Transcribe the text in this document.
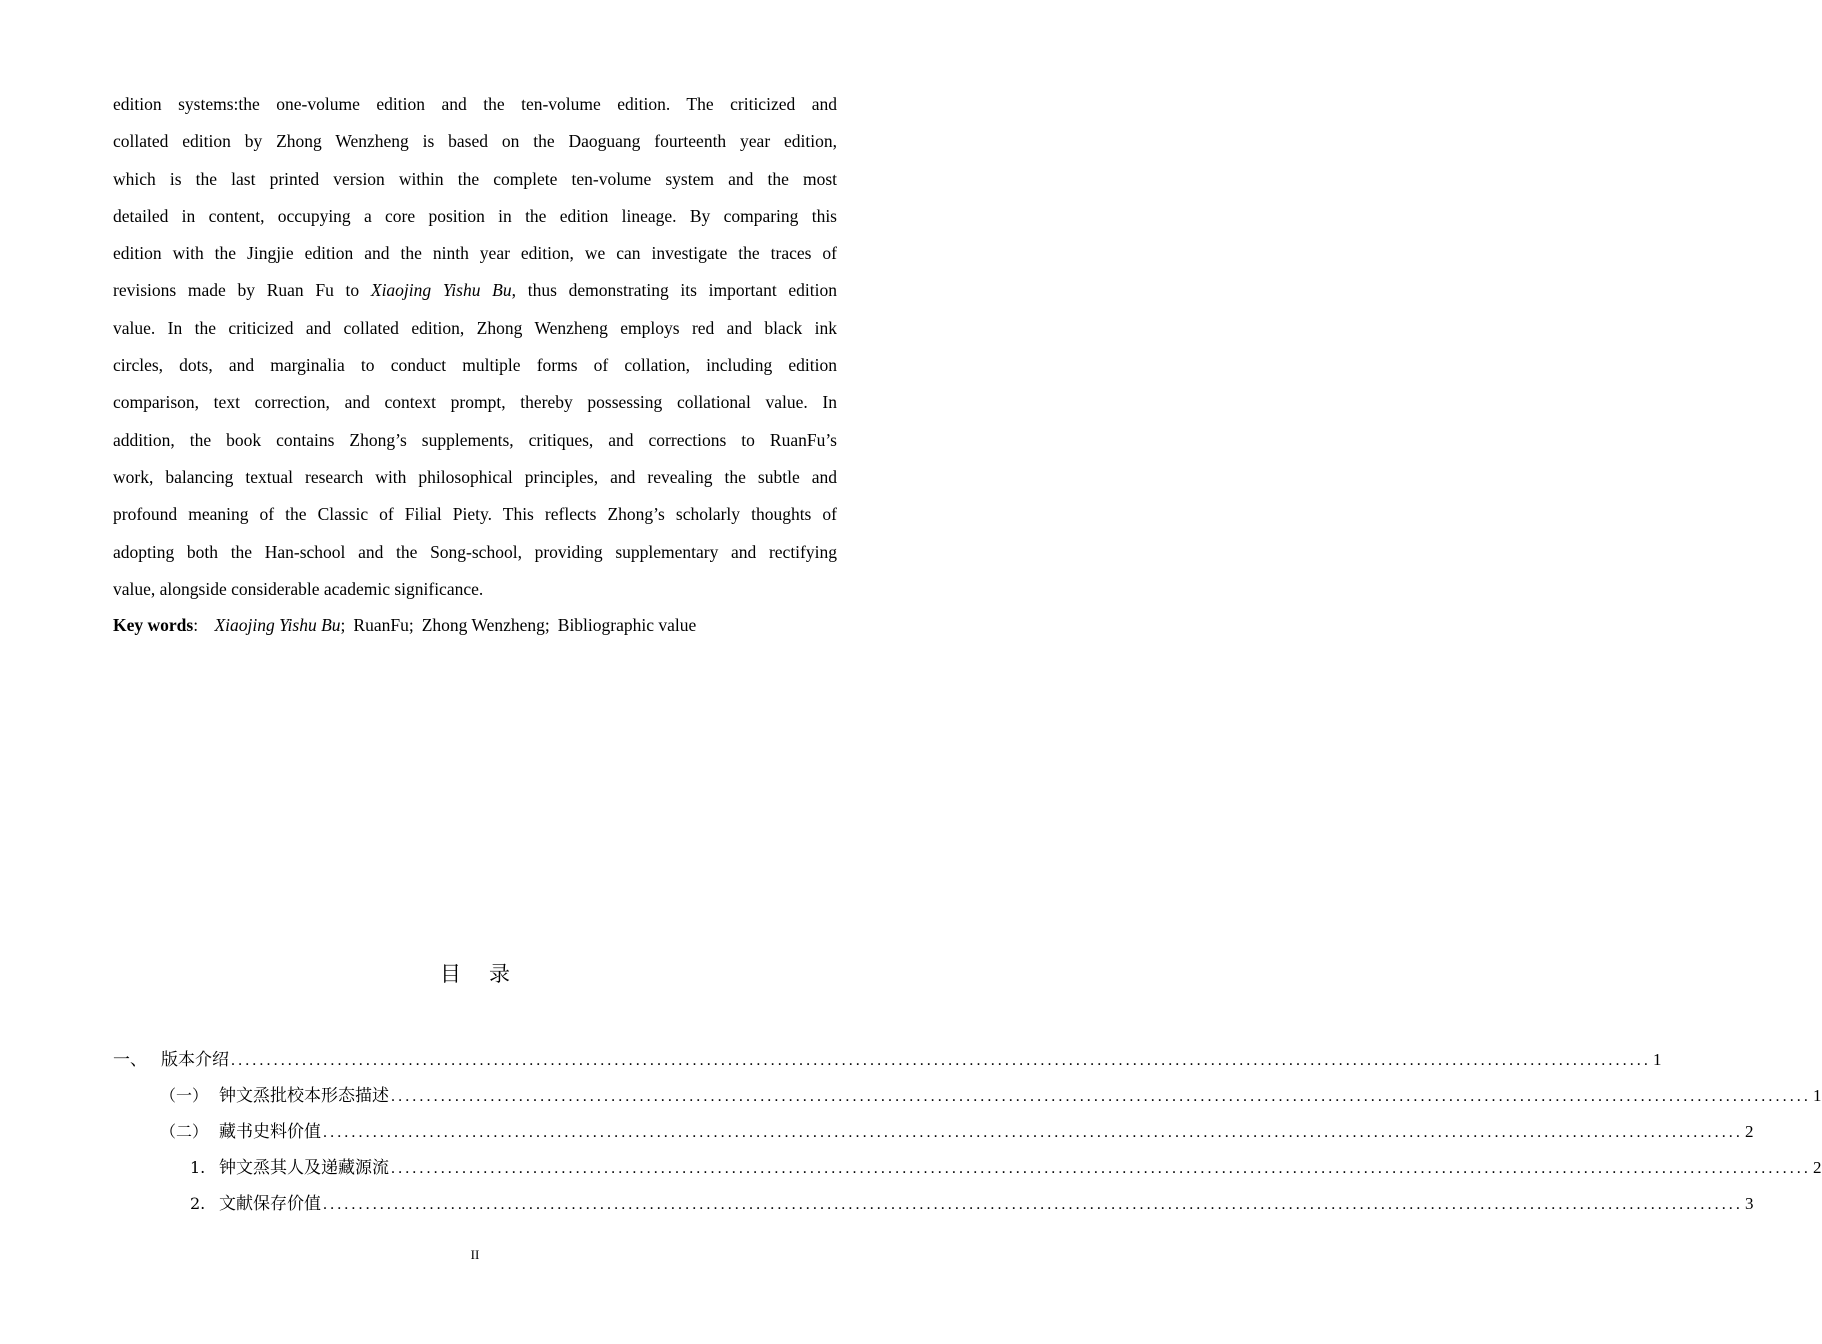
edition systems:the one-volume edition and the ten-volume edition. The criticized and
collated edition by Zhong Wenzheng is based on the Daoguang fourteenth year edition,
which is the last printed version within the complete ten-volume system and the most
detailed in content, occupying a core position in the edition lineage. By comparing this
edition with the Jingjie edition and the ninth year edition, we can investigate the traces of
revisions made by Ruan Fu to Xiaojing Yishu Bu, thus demonstrating its important edition
value. In the criticized and collated edition, Zhong Wenzheng employs red and black ink
circles, dots, and marginalia to conduct multiple forms of collation, including edition
comparison, text correction, and context prompt, thereby possessing collational value. In
addition, the book contains Zhong’s supplements, critiques, and corrections to RuanFu’s
work, balancing textual research with philosophical principles, and revealing the subtle and
profound meaning of the Classic of Filial Piety. This reflects Zhong’s scholarly thoughts of
adopting both the Han-school and the Song-school, providing supplementary and rectifying
value, alongside considerable academic significance.
Key words: Xiaojing Yishu Bu; RuanFu; Zhong Wenzheng; Bibliographic value
目录
一、 版本介绍 ........................................................................................................................................................................................................ 1
（一） 钟文烝批校本形态描述 ........................................................................................................................................................................................................ 1
（二） 藏书史料价值 ........................................................................................................................................................................................................ 2
1. 钟文烝其人及递藏源流 ........................................................................................................................................................................................................ 2
2. 文献保存价值 ........................................................................................................................................................................................................ 3
II
